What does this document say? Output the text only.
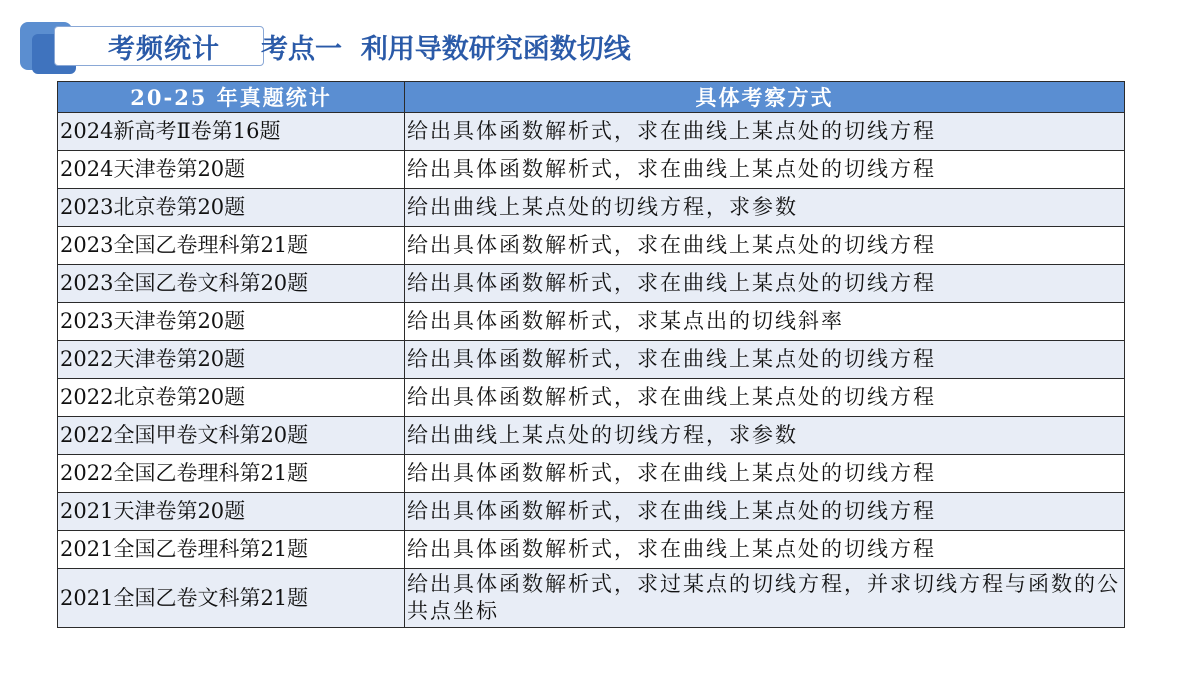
考频统计 考点一  利用导数研究函数切线
20-25 年真题统计	具体考察方式
2024新高考Ⅱ卷第16题	给出具体函数解析式，求在曲线上某点处的切线方程
2024天津卷第20题	给出具体函数解析式，求在曲线上某点处的切线方程
2023北京卷第20题	给出曲线上某点处的切线方程，求参数
2023全国乙卷理科第21题	给出具体函数解析式，求在曲线上某点处的切线方程
2023全国乙卷文科第20题	给出具体函数解析式，求在曲线上某点处的切线方程
2023天津卷第20题	给出具体函数解析式，求某点出的切线斜率
2022天津卷第20题	给出具体函数解析式，求在曲线上某点处的切线方程
2022北京卷第20题	给出具体函数解析式，求在曲线上某点处的切线方程
2022全国甲卷文科第20题	给出曲线上某点处的切线方程，求参数
2022全国乙卷理科第21题	给出具体函数解析式，求在曲线上某点处的切线方程
2021天津卷第20题	给出具体函数解析式，求在曲线上某点处的切线方程
2021全国乙卷理科第21题	给出具体函数解析式，求在曲线上某点处的切线方程
2021全国乙卷文科第21题	给出具体函数解析式，求过某点的切线方程，并求切线方程与函数的公共点坐标
